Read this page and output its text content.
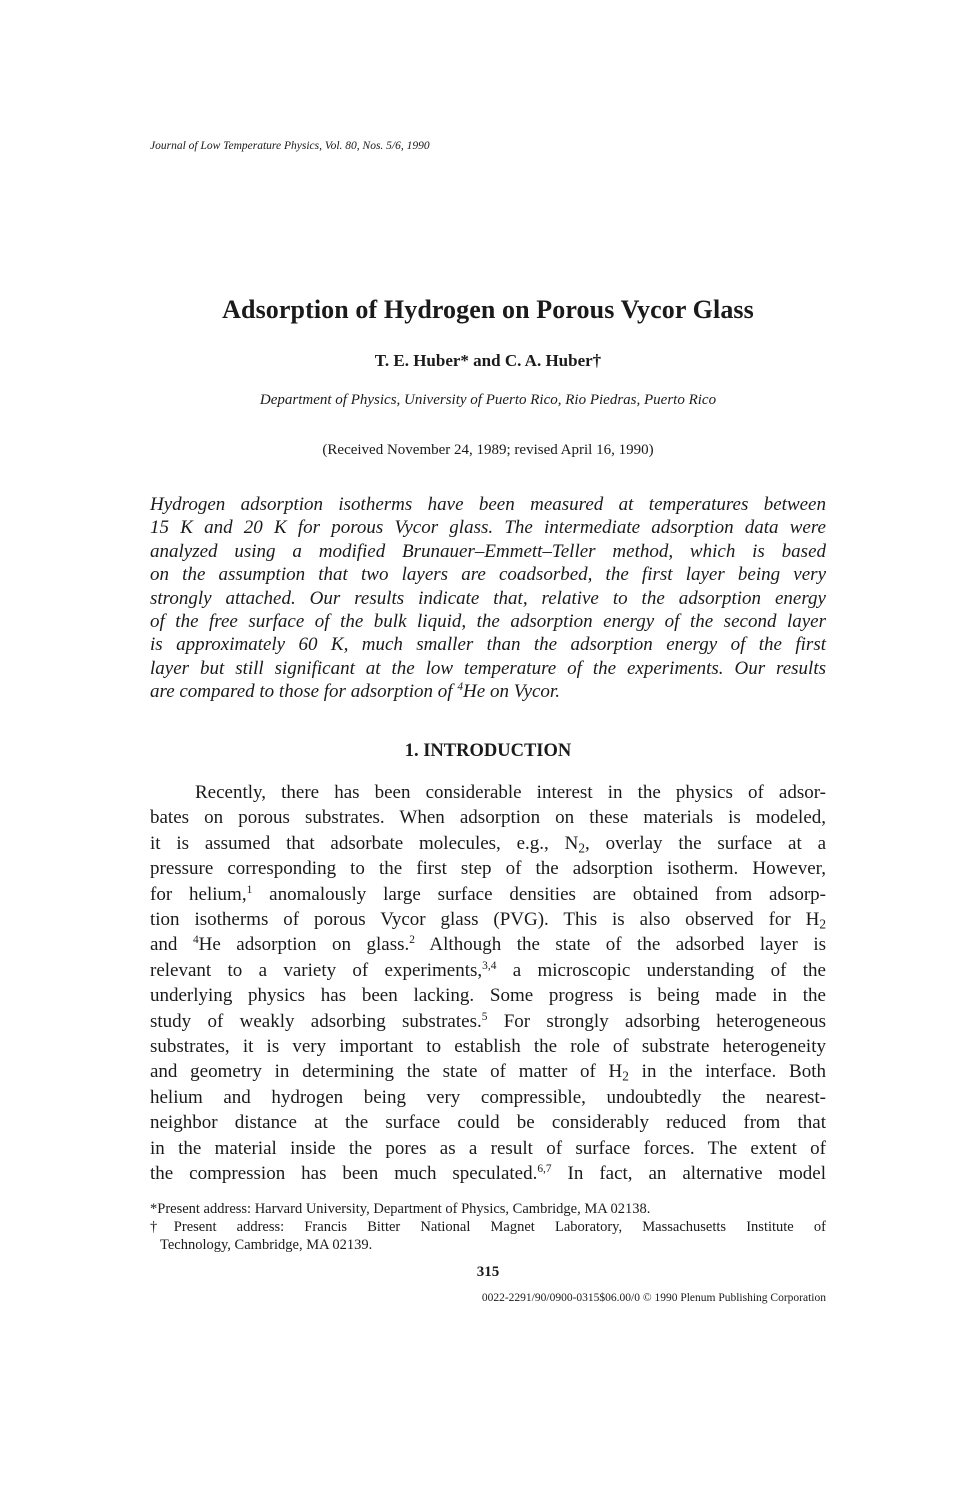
Journal of Low Temperature Physics, Vol. 80, Nos. 5/6, 1990
Adsorption of Hydrogen on Porous Vycor Glass
T. E. Huber* and C. A. Huber†
Department of Physics, University of Puerto Rico, Rio Piedras, Puerto Rico
(Received November 24, 1989; revised April 16, 1990)
Hydrogen adsorption isotherms have been measured at temperatures between
15 K and 20 K for porous Vycor glass. The intermediate adsorption data were
analyzed using a modified Brunauer–Emmett–Teller method, which is based
on the assumption that two layers are coadsorbed, the first layer being very
strongly attached. Our results indicate that, relative to the adsorption energy
of the free surface of the bulk liquid, the adsorption energy of the second layer
is approximately 60 K, much smaller than the adsorption energy of the first
layer but still significant at the low temperature of the experiments. Our results
are compared to those for adsorption of $^4$He on Vycor.
1. INTRODUCTION
Recently, there has been considerable interest in the physics of adsor-
bates on porous substrates. When adsorption on these materials is modeled,
it is assumed that adsorbate molecules, e.g., $N_2$, overlay the surface at a
pressure corresponding to the first step of the adsorption isotherm. However,
for helium,$^1$ anomalously large surface densities are obtained from adsorp-
tion isotherms of porous Vycor glass (PVG). This is also observed for $H_2$
and $^4$He adsorption on glass.$^2$ Although the state of the adsorbed layer is
relevant to a variety of experiments,$^{3,4}$ a microscopic understanding of the
underlying physics has been lacking. Some progress is being made in the
study of weakly adsorbing substrates.$^5$ For strongly adsorbing heterogeneous
substrates, it is very important to establish the role of substrate heterogeneity
and geometry in determining the state of matter of $H_2$ in the interface. Both
helium and hydrogen being very compressible, undoubtedly the nearest-
neighbor distance at the surface could be considerably reduced from that
in the material inside the pores as a result of surface forces. The extent of
the compression has been much speculated.$^{6,7}$ In fact, an alternative model
*Present address: Harvard University, Department of Physics, Cambridge, MA 02138.
†Present address: Francis Bitter National Magnet Laboratory, Massachusetts Institute of
Technology, Cambridge, MA 02139.
315
0022-2291/90/0900-0315$06.00/0 © 1990 Plenum Publishing Corporation
